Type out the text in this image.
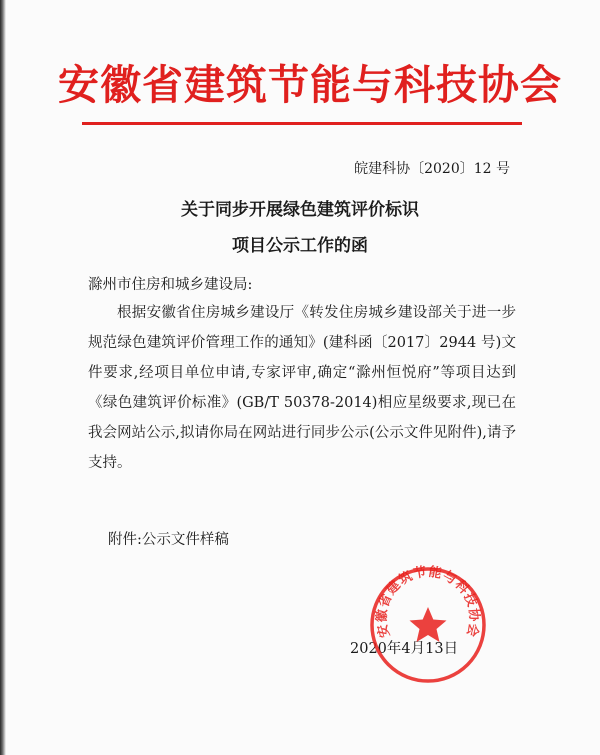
安徽省建筑节能与科技协会
皖建科协〔2020〕12 号
关于同步开展绿色建筑评价标识
项目公示工作的函
滁州市住房和城乡建设局:
根据安徽省住房城乡建设厅《转发住房城乡建设部关于进一步规范绿色建筑评价管理工作的通知》(建科函〔2017〕2944 号)文件要求,经项目单位申请,专家评审,确定“滁州恒悦府”等项目达到《绿色建筑评价标准》(GB/T 50378-2014)相应星级要求,现已在我会网站公示,拟请你局在网站进行同步公示(公示文件见附件),请予支持。
附件:公示文件样稿
2020年4月13日
安徽省建筑节能与科技协会
